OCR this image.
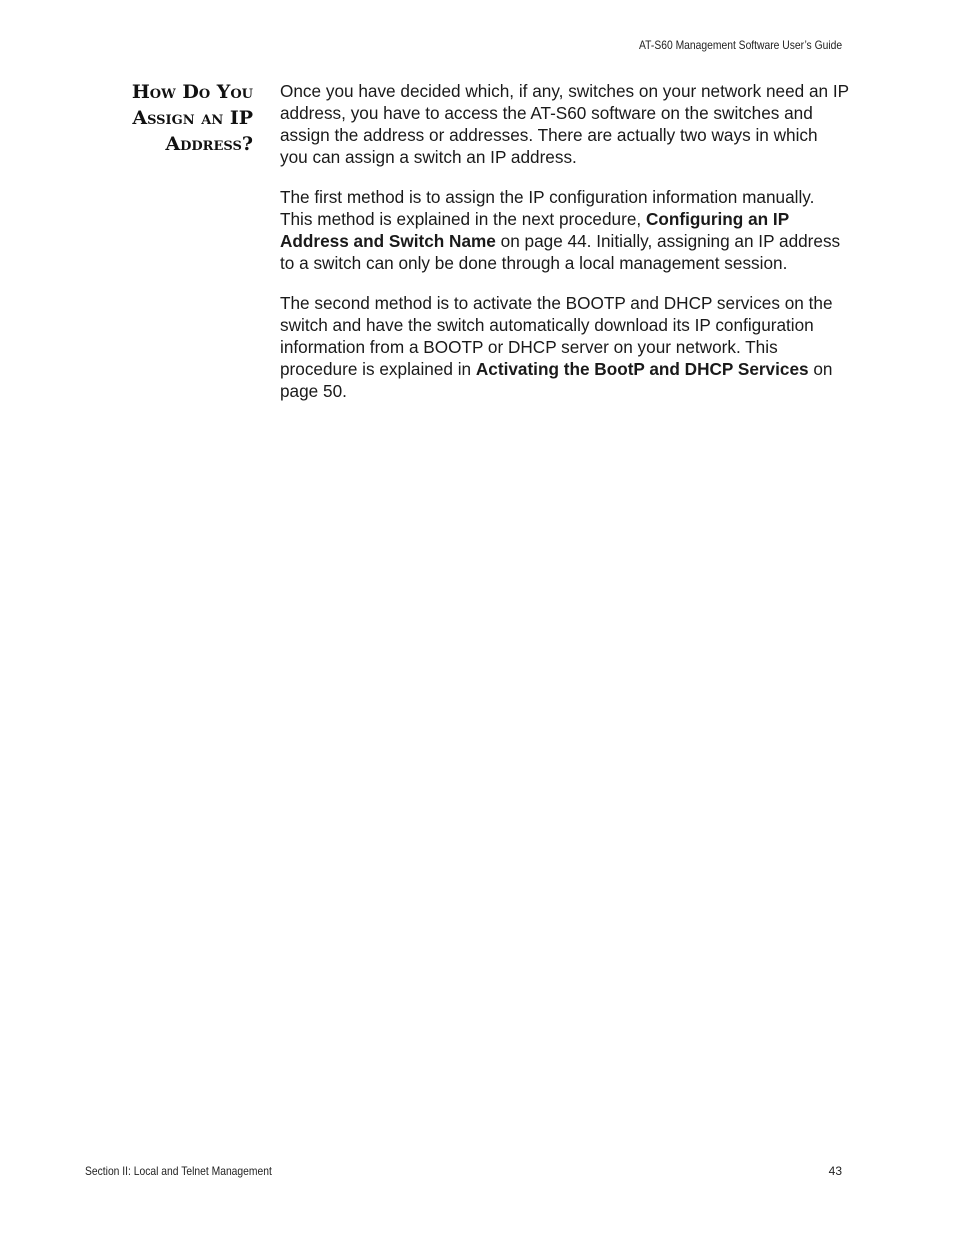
AT-S60 Management Software User’s Guide
How Do You
Assign an IP
Address?

Once you have decided which, if any, switches on your network need an IP address, you have to access the AT-S60 software on the switches and assign the address or addresses. There are actually two ways in which you can assign a switch an IP address.

The first method is to assign the IP configuration information manually. This method is explained in the next procedure, Configuring an IP Address and Switch Name on page 44. Initially, assigning an IP address to a switch can only be done through a local management session.

The second method is to activate the BOOTP and DHCP services on the switch and have the switch automatically download its IP configuration information from a BOOTP or DHCP server on your network. This procedure is explained in Activating the BootP and DHCP Services on page 50.

Section II: Local and Telnet Management	43
